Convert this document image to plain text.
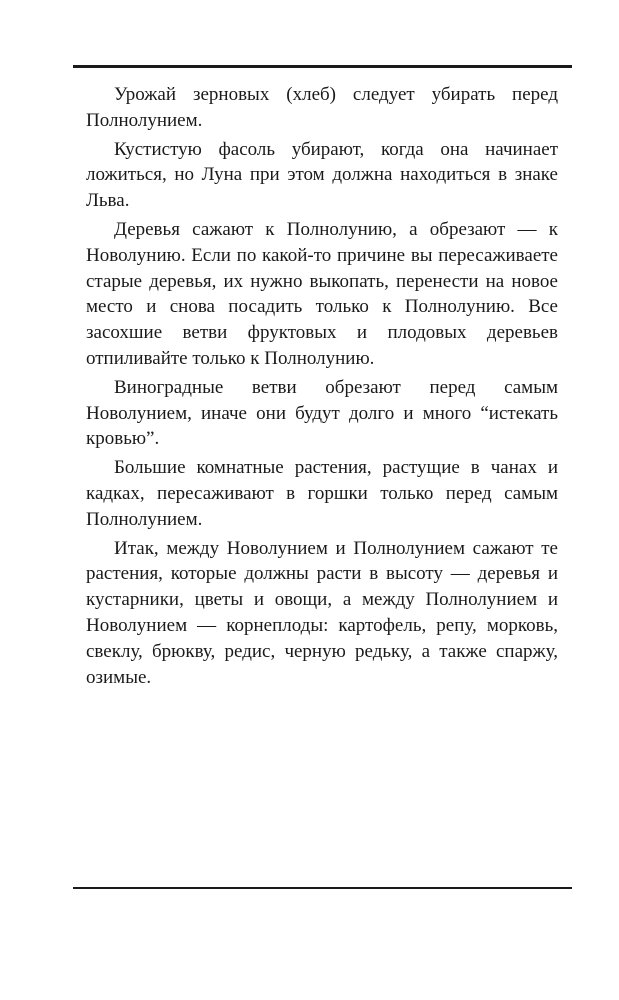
Урожай зерновых (хлеб) следует убирать перед Полнолунием.

Кустистую фасоль убирают, когда она начинает ложиться, но Луна при этом должна находиться в знаке Льва.

Деревья сажают к Полнолунию, а обрезают — к Новолунию. Если по какой-то причине вы пересаживаете старые деревья, их нужно выкопать, перенести на новое место и снова посадить только к Полнолунию. Все засохшие ветви фруктовых и плодовых деревьев отпиливайте только к Полнолунию.

Виноградные ветви обрезают перед самым Новолунием, иначе они будут долго и много “истекать кровью”.

Большие комнатные растения, растущие в чанах и кадках, пересаживают в горшки только перед самым Полнолунием.

Итак, между Новолунием и Полнолунием сажают те растения, которые должны расти в высоту — деревья и кустарники, цветы и овощи, а между Полнолунием и Новолунием — корнеплоды: картофель, репу, морковь, свеклу, брюкву, редис, черную редьку, а также спаржу, озимые.
